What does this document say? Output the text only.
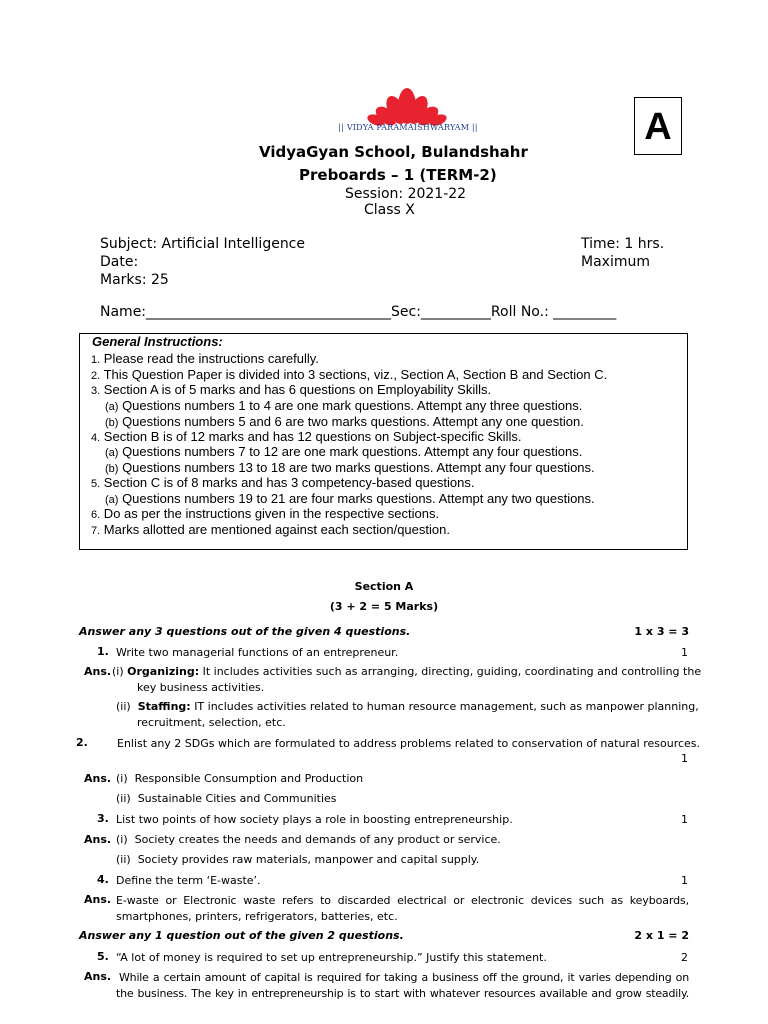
|| VIDYA PARAMAISHWARYAM ||	A
VidyaGyan School, Bulandshahr
Preboards – 1 (TERM-2)
Session: 2021-22
Class X
Subject: Artificial Intelligence	Time: 1 hrs.
Date:	Maximum
Marks: 25
Name:___________________________________Sec:__________Roll No.: _________
General Instructions:
1. Please read the instructions carefully.
2. This Question Paper is divided into 3 sections, viz., Section A, Section B and Section C.
3. Section A is of 5 marks and has 6 questions on Employability Skills.
(a) Questions numbers 1 to 4 are one mark questions. Attempt any three questions.
(b) Questions numbers 5 and 6 are two marks questions. Attempt any one question.
4. Section B is of 12 marks and has 12 questions on Subject-specific Skills.
(a) Questions numbers 7 to 12 are one mark questions. Attempt any four questions.
(b) Questions numbers 13 to 18 are two marks questions. Attempt any four questions.
5. Section C is of 8 marks and has 3 competency-based questions.
(a) Questions numbers 19 to 21 are four marks questions. Attempt any two questions.
6. Do as per the instructions given in the respective sections.
7. Marks allotted are mentioned against each section/question.
Section A
(3 + 2 = 5 Marks)
Answer any 3 questions out of the given 4 questions.	1 x 3 = 3
1. Write two managerial functions of an entrepreneur.	1
Ans. (i) Organizing: It includes activities such as arranging, directing, guiding, coordinating and controlling the
key business activities.
(ii) Staffing: IT includes activities related to human resource management, such as manpower planning,
recruitment, selection, etc.
2.	Enlist any 2 SDGs which are formulated to address problems related to conservation of natural resources.
1
Ans. (i) Responsible Consumption and Production
(ii) Sustainable Cities and Communities
3. List two points of how society plays a role in boosting entrepreneurship.	1
Ans. (i) Society creates the needs and demands of any product or service.
(ii) Society provides raw materials, manpower and capital supply.
4. Define the term ‘E-waste’.	1
Ans. E-waste or Electronic waste refers to discarded electrical or electronic devices such as keyboards,
smartphones, printers, refrigerators, batteries, etc.
Answer any 1 question out of the given 2 questions.	2 x 1 = 2
5. “A lot of money is required to set up entrepreneurship.” Justify this statement.	2
Ans. While a certain amount of capital is required for taking a business off the ground, it varies depending on
the business. The key in entrepreneurship is to start with whatever resources available and grow steadily.
